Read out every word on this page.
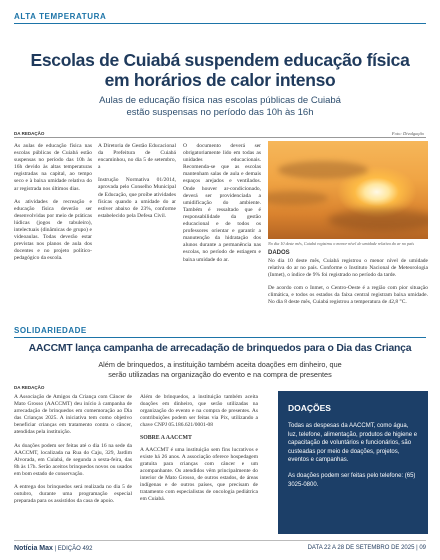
ALTA TEMPERATURA
Escolas de Cuiabá suspendem educação física
em horários de calor intenso
Aulas de educação física nas escolas públicas de Cuiabá
estão suspensas no período das 10h às 16h
DA REDAÇÃO	Foto: Divulgação

As aulas de educação física nas escolas públicas de Cuiabá estão suspensas no período das 10h às 16h devido às altas temperaturas registradas na capital, ao tempo seco e à baixa umidade relativa do ar registrada nos últimos dias.

As atividades de recreação e educação física deverão ser desenvolvidas por meio de práticas lúdicas (jogos de tabuleiro), intelectuais (dinâmicas de grupo) e videoaulas. Todas deverão estar previstas nos planos de aula dos docentes e no projeto político-pedagógico da escola.

A Diretoria de Gestão Educacional da Prefeitura de Cuiabá encaminhou, no dia 5 de setembro, a

Instrução Normativa 01/2014, aprovada pelo Conselho Municipal de Educação, que proíbe atividades físicas quando a umidade do ar estiver abaixo de 23%, conforme estabelecido pela Defesa Civil.

O documento deverá ser obrigatoriamente lido em todas as unidades educacionais. Recomenda-se que as escolas mantenham salas de aula e demais espaços arejados e ventilados. Onde houver ar-condicionado, deverá ser providenciada a umidificação do ambiente. Também é ressaltado que é responsabilidade da gestão educacional e de todos os professores orientar e garantir a manutenção da hidratação dos alunos durante a permanência nas escolas, no período de estiagem e baixa umidade do ar.

No dia 10 deste mês, Cuiabá registrou o menor nível de umidade relativa do ar no país
DADOS

No dia 10 deste mês, Cuiabá registrou o menor nível de umidade relativa do ar no país. Conforme o Instituto Nacional de Meteorologia (Inmet), o índice de 9% foi registrado no período da tarde.

De acordo com o Inmet, o Centro-Oeste é a região com pior situação climática, e todos os estados da faixa central registram baixa umidade. No dia 8 deste mês, Cuiabá registrou a temperatura de 42,8 °C.

SOLIDARIEDADE
AACCMT lança campanha de arrecadação de brinquedos para o Dia das Criança
Além de brinquedos, a instituição também aceita doações em dinheiro, que
serão utilizadas na organização do evento e na compra de presentes
DA REDAÇÃO

A Associação de Amigos da Criança com Câncer de Mato Grosso (AACCMT) deu início à campanha de arrecadação de brinquedos em comemoração ao Dia das Crianças 2025. A iniciativa tem como objetivo beneficiar crianças em tratamento contra o câncer, atendidas pela instituição.

As doações podem ser feitas até o dia 16 na sede da AACCMT, localizada na Rua do Caju, 329, Jardim Alvorada, em Cuiabá, de segunda a sexta-feira, das 8h às 17h. Serão aceitos brinquedos novos ou usados em bom estado de conservação.

A entrega dos brinquedos será realizada no dia 5 de outubro, durante uma programação especial preparada para os assistidos da casa de apoio.

Além de brinquedos, a instituição também aceita doações em dinheiro, que serão utilizadas na organização do evento e na compra de presentes. As contribuições podem ser feitas via Pix, utilizando a chave CNPJ 05.186.621/0001-08

SOBRE A AACCMT

A AACCMT é uma instituição sem fins lucrativos e existe há 26 anos. A associação oferece hospedagem gratuita para crianças com câncer e um acompanhante. Os atendidos vêm principalmente do interior de Mato Grosso, de outros estados, de áreas indígenas e de outros países, que precisam de tratamento com especialistas de oncologia pediátrica em Cuiabá.

DOAÇÕES
Todas as despesas da AACCMT, como água, luz, telefone, alimentação, produtos de higiene e capacitação de voluntários e funcionários, são custeadas por meio de doações, projetos, eventos e campanhas.
As doações podem ser feitas pelo telefone: (65) 3025-0800.
Notícia Max | EDIÇÃO 492	DATA 22 A 28 DE SETEMBRO DE 2025 | 09
